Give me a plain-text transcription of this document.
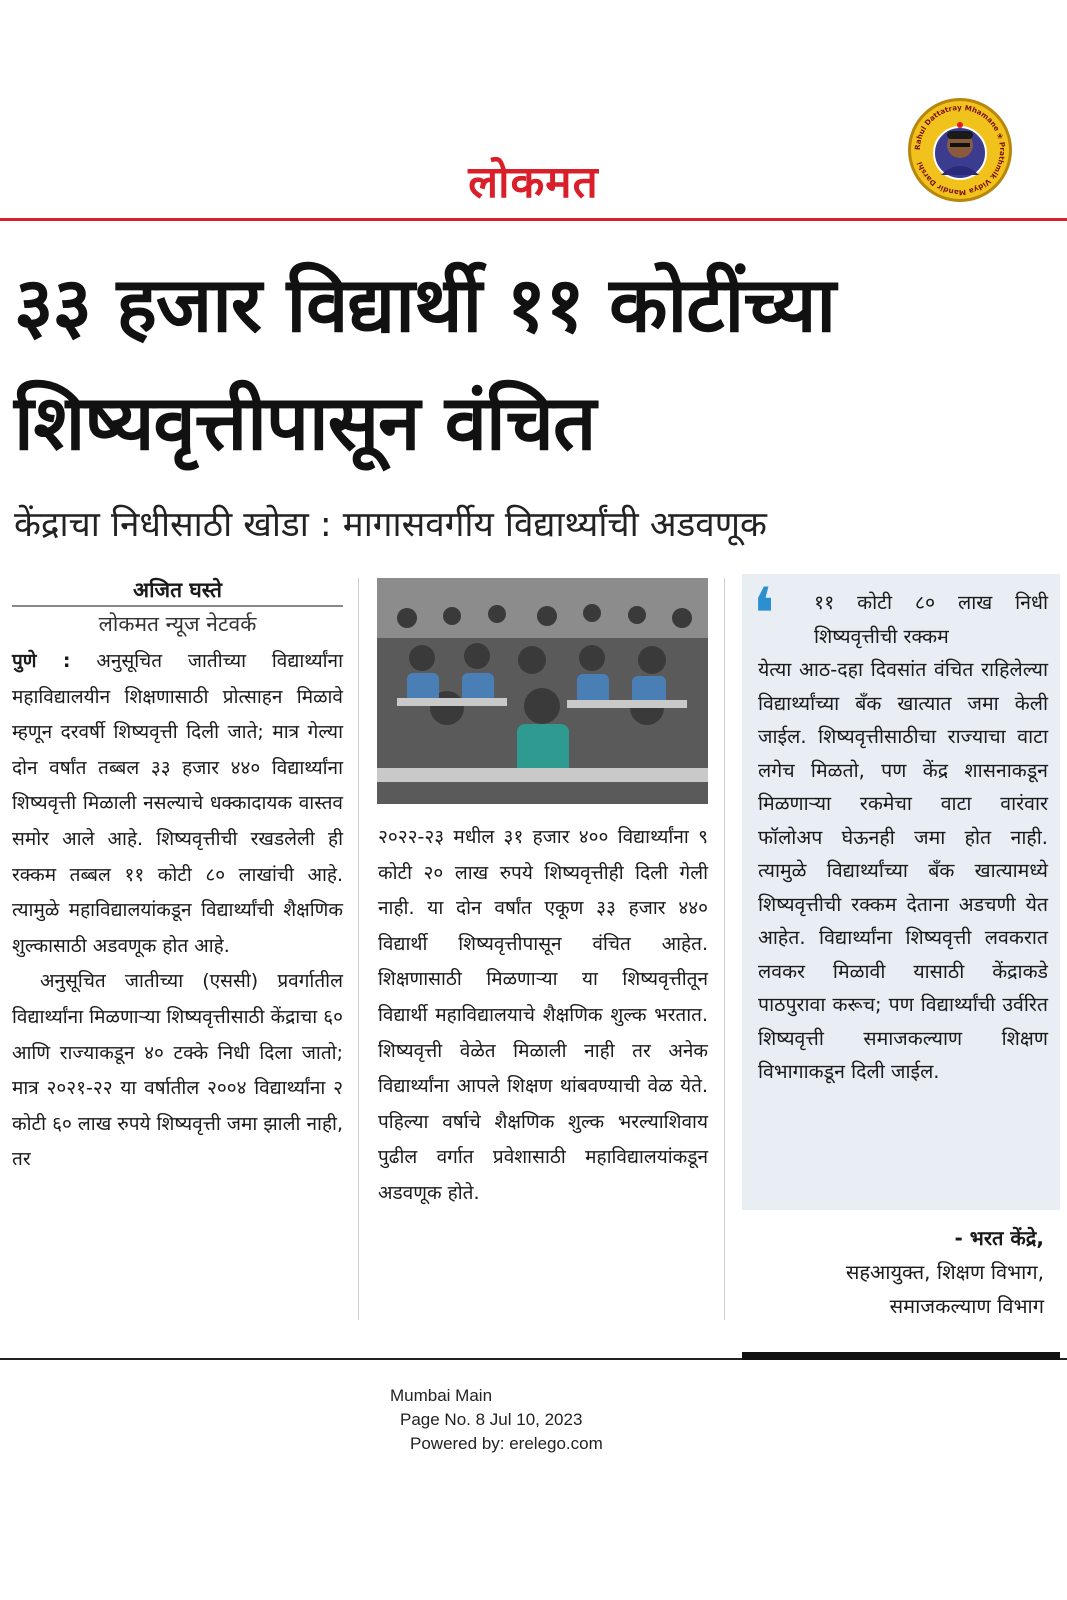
लोकमत
Rahul Dattatray Mhamane ❀ Prathmik Vidya Mandir Darshi
३३ हजार विद्यार्थी ११ कोटींच्या
शिष्यवृत्तीपासून वंचित
केंद्राचा निधीसाठी खोडा : मागासवर्गीय विद्यार्थ्यांची अडवणूक
अजित घस्ते
लोकमत न्यूज नेटवर्क

पुणे : अनुसूचित जातीच्या विद्यार्थ्यांना महाविद्यालयीन शिक्षणासाठी प्रोत्साहन मिळावे म्हणून दरवर्षी शिष्यवृत्ती दिली जाते; मात्र गेल्या दोन वर्षांत तब्बल ३३ हजार ४४० विद्यार्थ्यांना शिष्यवृत्ती मिळाली नसल्याचे धक्कादायक वास्तव समोर आले आहे. शिष्यवृत्तीची रखडलेली ही रक्कम तब्बल ११ कोटी ८० लाखांची आहे. त्यामुळे महाविद्यालयांकडून विद्यार्थ्यांची शैक्षणिक शुल्कासाठी अडवणूक होत आहे.

अनुसूचित जातीच्या (एससी) प्रवर्गातील विद्यार्थ्यांना मिळणाऱ्या शिष्यवृत्तीसाठी केंद्राचा ६० आणि राज्याकडून ४० टक्के निधी दिला जातो; मात्र २०२१-२२ या वर्षातील २००४ विद्यार्थ्यांना २ कोटी ६० लाख रुपये शिष्यवृत्ती जमा झाली नाही, तर

२०२२-२३ मधील ३१ हजार ४०० विद्यार्थ्यांना ९ कोटी २० लाख रुपये शिष्यवृत्तीही दिली गेली नाही. या दोन वर्षांत एकूण ३३ हजार ४४० विद्यार्थी शिष्यवृत्तीपासून वंचित आहेत. शिक्षणासाठी मिळणाऱ्या या शिष्यवृत्तीतून विद्यार्थी महाविद्यालयाचे शैक्षणिक शुल्क भरतात. शिष्यवृत्ती वेळेत मिळाली नाही तर अनेक विद्यार्थ्यांना आपले शिक्षण थांबवण्याची वेळ येते. पहिल्या वर्षाचे शैक्षणिक शुल्क भरल्याशिवाय पुढील वर्गात प्रवेशासाठी महाविद्यालयांकडून अडवणूक होते.

❛	११ कोटी ८० लाख निधी शिष्यवृत्तीची रक्कम
येत्या आठ-दहा दिवसांत वंचित राहिलेल्या विद्यार्थ्यांच्या बँक खात्यात जमा केली जाईल. शिष्यवृत्तीसाठीचा राज्याचा वाटा लगेच मिळतो, पण केंद्र शासनाकडून मिळणाऱ्या रकमेचा वाटा वारंवार फॉलोअप घेऊनही जमा होत नाही. त्यामुळे विद्यार्थ्यांच्या बँक खात्यामध्ये शिष्यवृत्तीची रक्कम देताना अडचणी येत आहेत. विद्यार्थ्यांना शिष्यवृत्ती लवकरात लवकर मिळावी यासाठी केंद्राकडे पाठपुरावा करूच; पण विद्यार्थ्यांची उर्वरित शिष्यवृत्ती समाजकल्याण शिक्षण विभागाकडून दिली जाईल.
- भरत केंद्रे,
सहआयुक्त, शिक्षण विभाग,
समाजकल्याण विभाग
Mumbai Main
Page No. 8 Jul 10, 2023
Powered by: erelego.com
